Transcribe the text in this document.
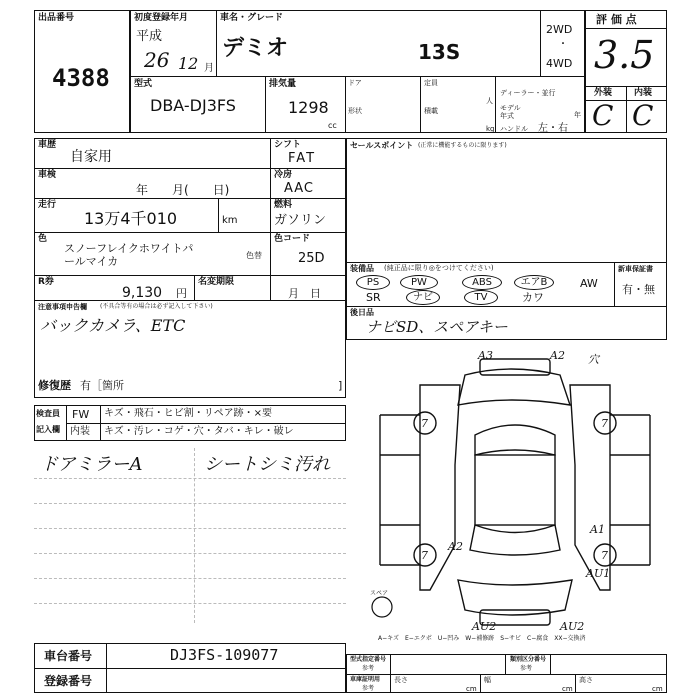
出品番号
4388
初度登録年月
平成
26 12 月
車名・グレード
デミオ	13S
2WD
・
4WD
型式
DBA-DJ3FS
排気量
1298
cc
ドア
形状
定員
人
積載
kg
ディーラー・並行
モデル
年式	年
ハンドル 左・右
評 価 点
3.5
外装 内装
C C
車歴
自家用
シフト
FAT
車検
年　　月(　　日)
冷房
AAC
走行
13万4千010	km
燃料
ガソリン
色
スノーフレイクホワイトパ
ールマイカ	色替
色コード
25D
R券
9,130 円
名変期限
月　日
注意事項申告欄 (不具合等有の場合は必ず記入して下さい)
バックカメラ、ETC
修復歴 有［箇所	]
セールスポイント (正常に機能するものに限ります)
装備品 (純正品に限り◎をつけてください)
PS	PW	ABS	エアB	AW
SR	ナビ	TV	カワ
新車保証書
有・無
後日品
ナビSD、スペアキー
検査員
記入欄
FW キズ・飛石・ヒビ割・リペア跡・×要
内装 キズ・汚レ・コゲ・穴・タバ・キレ・破レ
ドアミラーA	シートシミ汚れ
A3	A2 穴
7	7
7	7
A1
A2
AU1
AU2	AU2
スペア
A−キズ　E−エクボ　U−凹み　W−補修跡　S−サビ　C−腐食　XX−交換済
車台番号	DJ3FS-109077
登録番号
型式指定番号
参考
類別区分番号
参考
車庫証明用
参考
長さ
cm
幅
cm
高さ
cm
